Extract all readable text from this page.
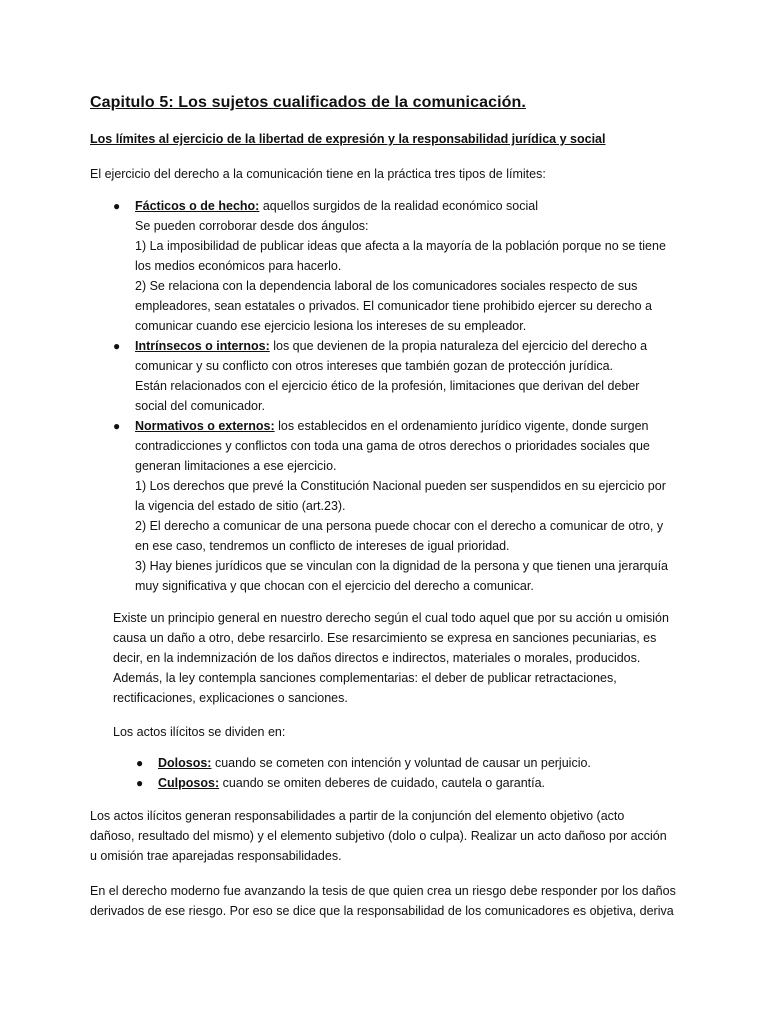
Capitulo 5: Los sujetos cualificados de la comunicación.
Los límites al ejercicio de la libertad de expresión y la responsabilidad jurídica y social

El ejercicio del derecho a la comunicación tiene en la práctica tres tipos de límites:

● Fácticos o de hecho: aquellos surgidos de la realidad económico social
Se pueden corroborar desde dos ángulos:
1) La imposibilidad de publicar ideas que afecta a la mayoría de la población porque no se tiene
los medios económicos para hacerlo.
2) Se relaciona con la dependencia laboral de los comunicadores sociales respecto de sus
empleadores, sean estatales o privados. El comunicador tiene prohibido ejercer su derecho a
comunicar cuando ese ejercicio lesiona los intereses de su empleador.
● Intrínsecos o internos: los que devienen de la propia naturaleza del ejercicio del derecho a
comunicar y su conflicto con otros intereses que también gozan de protección jurídica.
Están relacionados con el ejercicio ético de la profesión, limitaciones que derivan del deber
social del comunicador.
● Normativos o externos: los establecidos en el ordenamiento jurídico vigente, donde surgen
contradicciones y conflictos con toda una gama de otros derechos o prioridades sociales que
generan limitaciones a ese ejercicio.
1) Los derechos que prevé la Constitución Nacional pueden ser suspendidos en su ejercicio por
la vigencia del estado de sitio (art.23).
2) El derecho a comunicar de una persona puede chocar con el derecho a comunicar de otro, y
en ese caso, tendremos un conflicto de intereses de igual prioridad.
3) Hay bienes jurídicos que se vinculan con la dignidad de la persona y que tienen una jerarquía
muy significativa y que chocan con el ejercicio del derecho a comunicar.

Existe un principio general en nuestro derecho según el cual todo aquel que por su acción u omisión
causa un daño a otro, debe resarcirlo. Ese resarcimiento se expresa en sanciones pecuniarias, es
decir, en la indemnización de los daños directos e indirectos, materiales o morales, producidos.
Además, la ley contempla sanciones complementarias: el deber de publicar retractaciones,
rectificaciones, explicaciones o sanciones.

Los actos ilícitos se dividen en:

● Dolosos: cuando se cometen con intención y voluntad de causar un perjuicio.
● Culposos: cuando se omiten deberes de cuidado, cautela o garantía.

Los actos ilícitos generan responsabilidades a partir de la conjunción del elemento objetivo (acto
dañoso, resultado del mismo) y el elemento subjetivo (dolo o culpa). Realizar un acto dañoso por acción
u omisión trae aparejadas responsabilidades.

En el derecho moderno fue avanzando la tesis de que quien crea un riesgo debe responder por los daños
derivados de ese riesgo. Por eso se dice que la responsabilidad de los comunicadores es objetiva, deriva
